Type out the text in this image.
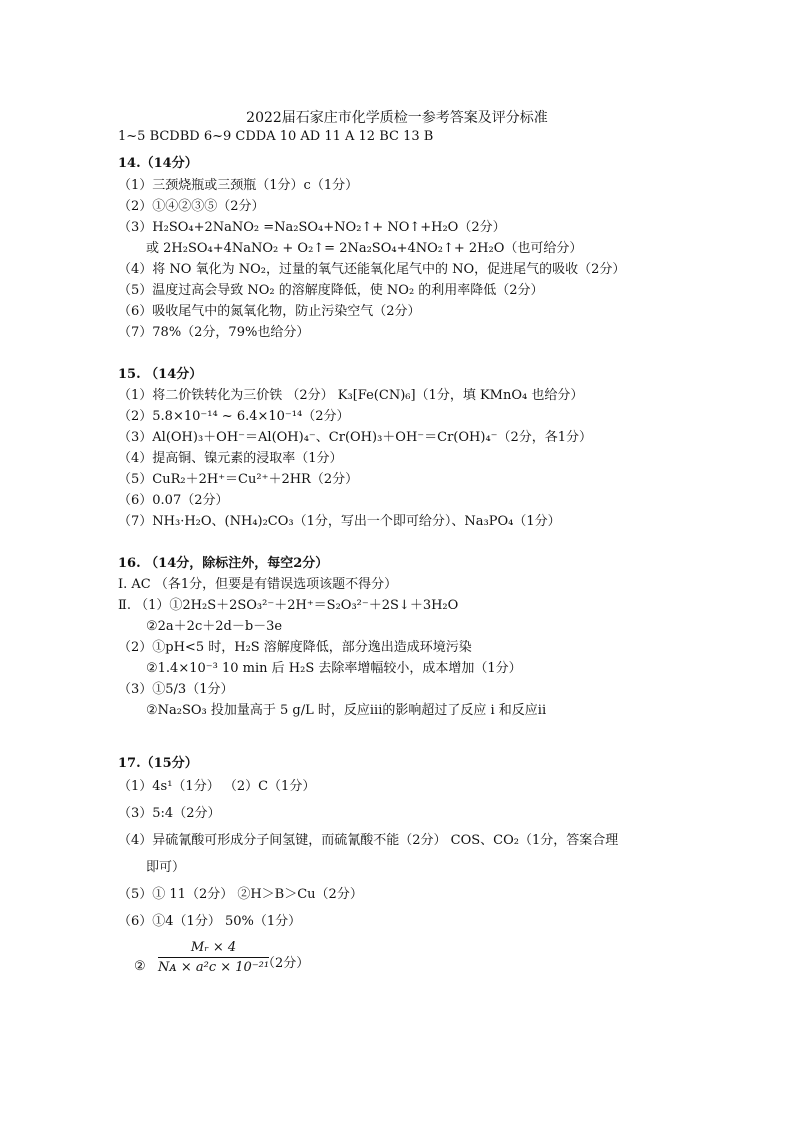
2022届石家庄市化学质检一参考答案及评分标准
1~5 BCDBD 6~9 CDDA 10 AD 11 A 12 BC 13 B
14.（14分）
（1）三颈烧瓶或三颈瓶（1分）c（1分）
（2）①④②③⑤（2分）
（3）H₂SO₄+2NaNO₂ =Na₂SO₄+NO₂↑+ NO↑+H₂O（2分）
或 2H₂SO₄+4NaNO₂ + O₂↑= 2Na₂SO₄+4NO₂↑+ 2H₂O（也可给分）
（4）将 NO 氧化为 NO₂，过量的氧气还能氧化尾气中的 NO，促进尾气的吸收（2分）
（5）温度过高会导致 NO₂ 的溶解度降低，使 NO₂ 的利用率降低（2分）
（6）吸收尾气中的氮氧化物，防止污染空气（2分）
（7）78%（2分，79%也给分）
15. （14分）
（1）将二价铁转化为三价铁 （2分） K₃[Fe(CN)₆]（1分，填 KMnO₄ 也给分）
（2）5.8×10⁻¹⁴ ~ 6.4×10⁻¹⁴（2分）
（3）Al(OH)₃＋OH⁻＝Al(OH)₄⁻、Cr(OH)₃＋OH⁻＝Cr(OH)₄⁻（2分，各1分）
（4）提高铜、镍元素的浸取率（1分）
（5）CuR₂＋2H⁺＝Cu²⁺＋2HR（2分）
（6）0.07（2分）
（7）NH₃·H₂O、(NH₄)₂CO₃（1分，写出一个即可给分）、Na₃PO₄（1分）
16. （14分，除标注外，每空2分）
Ⅰ. AC （各1分，但要是有错误选项该题不得分）
Ⅱ. （1）①2H₂S＋2SO₃²⁻＋2H⁺＝S₂O₃²⁻＋2S↓＋3H₂O
②2a＋2c＋2d－b－3e
（2）①pH<5 时，H₂S 溶解度降低，部分逸出造成环境污染
②1.4×10⁻³ 10 min 后 H₂S 去除率增幅较小，成本增加（1分）
（3）①5/3（1分）
②Na₂SO₃ 投加量高于 5 g/L 时，反应iii的影响超过了反应 i 和反应ii
17.（15分）
（1）4s¹（1分） （2）C（1分）
（3）5:4（2分）
（4）异硫氰酸可形成分子间氢键，而硫氰酸不能（2分） COS、CO₂（1分，答案合理
即可）
（5）① 11（2分） ②H＞B＞Cu（2分）
（6）①4（1分） 50%（1分）
②
Mᵣ × 4
Nᴀ × a²c × 10⁻²¹
（2分）
